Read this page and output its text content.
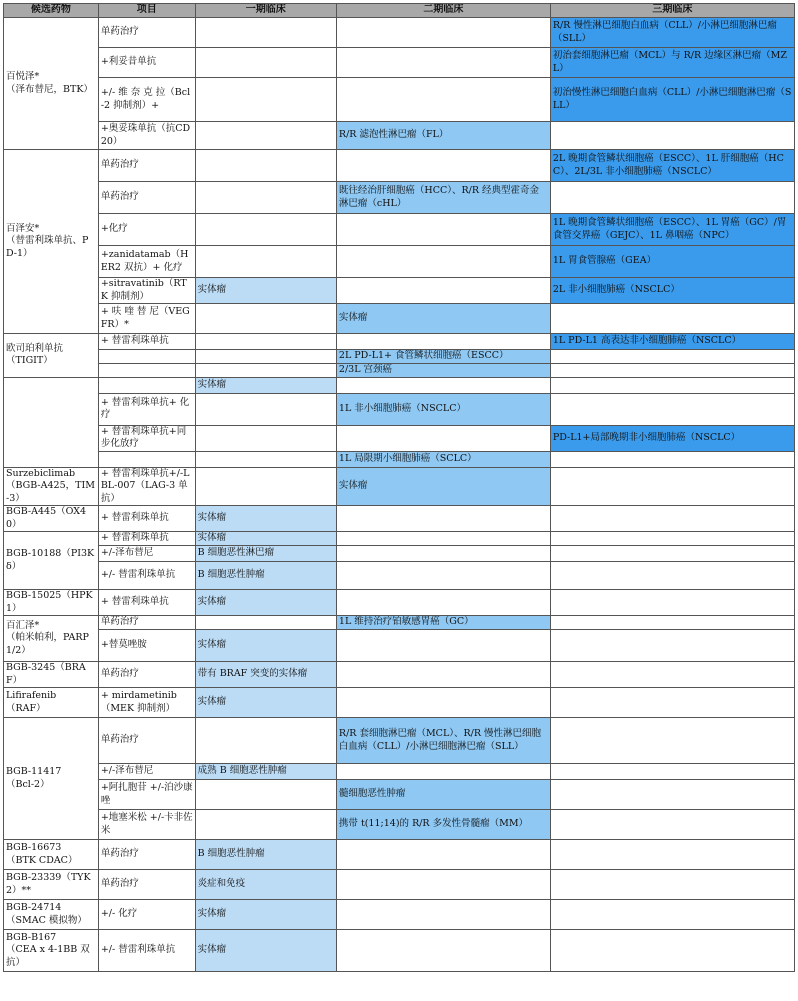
候选药物	项目	一期临床	二期临床	三期临床
百悦泽*
（泽布替尼，BTK）	单药治疗			R/R 慢性淋巴细胞白血病（CLL）/小淋巴细胞淋巴瘤（SLL）
	+利妥昔单抗			初治套细胞淋巴瘤（MCL）与 R/R 边缘区淋巴瘤（MZL）
	+/- 维 奈 克 拉（Bcl-2 抑制剂）+			初治慢性淋巴细胞白血病（CLL）/小淋巴细胞淋巴瘤（SLL）
	+奥妥珠单抗（抗CD20）		R/R 滤泡性淋巴瘤（FL）	
百泽安*
（替雷利珠单抗、PD-1）	单药治疗			2L 晚期食管鳞状细胞癌（ESCC）、1L 肝细胞癌（HCC）、2L/3L 非小细胞肺癌（NSCLC）
	单药治疗		既往经治肝细胞癌（HCC）、R/R 经典型霍奇金淋巴瘤（cHL）	
	+化疗			1L 晚期食管鳞状细胞癌（ESCC）、1L 胃癌（GC）/胃食管交界癌（GEJC）、1L 鼻咽癌（NPC）
	+zanidatamab（HER2 双抗）+ 化疗			1L 胃食管腺癌（GEA）
	+sitravatinib（RTK 抑制剂）	实体瘤		2L 非小细胞肺癌（NSCLC）
	+ 呋 喹 替 尼（VEGFR）*		实体瘤	
欧司珀利单抗
（TIGIT）	+ 替雷利珠单抗			1L PD-L1 高表达非小细胞肺癌（NSCLC）
			2L PD-L1+ 食管鳞状细胞癌（ESCC）	
			2/3L 宫颈癌	
		实体瘤		
	+ 替雷利珠单抗+ 化疗		1L 非小细胞肺癌（NSCLC）	
	+ 替雷利珠单抗+同步化放疗			PD-L1+局部晚期非小细胞肺癌（NSCLC）
			1L 局限期小细胞肺癌（SCLC）	
Surzebiclimab
（BGB-A425，TIM-3）	+ 替雷利珠单抗+/-LBL-007（LAG-3 单抗）		实体瘤	
BGB-A445（OX40）	+ 替雷利珠单抗	实体瘤		
BGB-10188（PI3Kδ）	+ 替雷利珠单抗	实体瘤		
	+/-泽布替尼	B 细胞恶性淋巴瘤		
	+/- 替雷利珠单抗	B 细胞恶性肿瘤		
BGB-15025（HPK1）	+ 替雷利珠单抗	实体瘤		
百汇泽*
（帕米帕利，PARP1/2）	单药治疗		1L 维持治疗铂敏感胃癌（GC）	
	+替莫唑胺	实体瘤		
BGB-3245（BRAF）	单药治疗	带有 BRAF 突变的实体瘤		
Lifirafenib
（RAF）	+ mirdametinib（MEK 抑制剂）	实体瘤		
BGB-11417
（Bcl-2）	单药治疗		R/R 套细胞淋巴瘤（MCL）、R/R 慢性淋巴细胞白血病（CLL）/小淋巴细胞淋巴瘤（SLL）	
	+/-泽布替尼	成熟 B 细胞恶性肿瘤		
	+阿扎胞苷 +/-泊沙康唑		髓细胞恶性肿瘤	
	+地塞米松 +/-卡非佐米		携带 t(11;14)的 R/R 多发性骨髓瘤（MM）	
BGB-16673
（BTK CDAC）	单药治疗	B 细胞恶性肿瘤		
BGB-23339（TYK2）**	单药治疗	炎症和免疫		
BGB-24714
（SMAC 模拟物）	+/- 化疗	实体瘤		
BGB-B167
（CEA x 4-1BB 双抗）	+/- 替雷利珠单抗	实体瘤		
